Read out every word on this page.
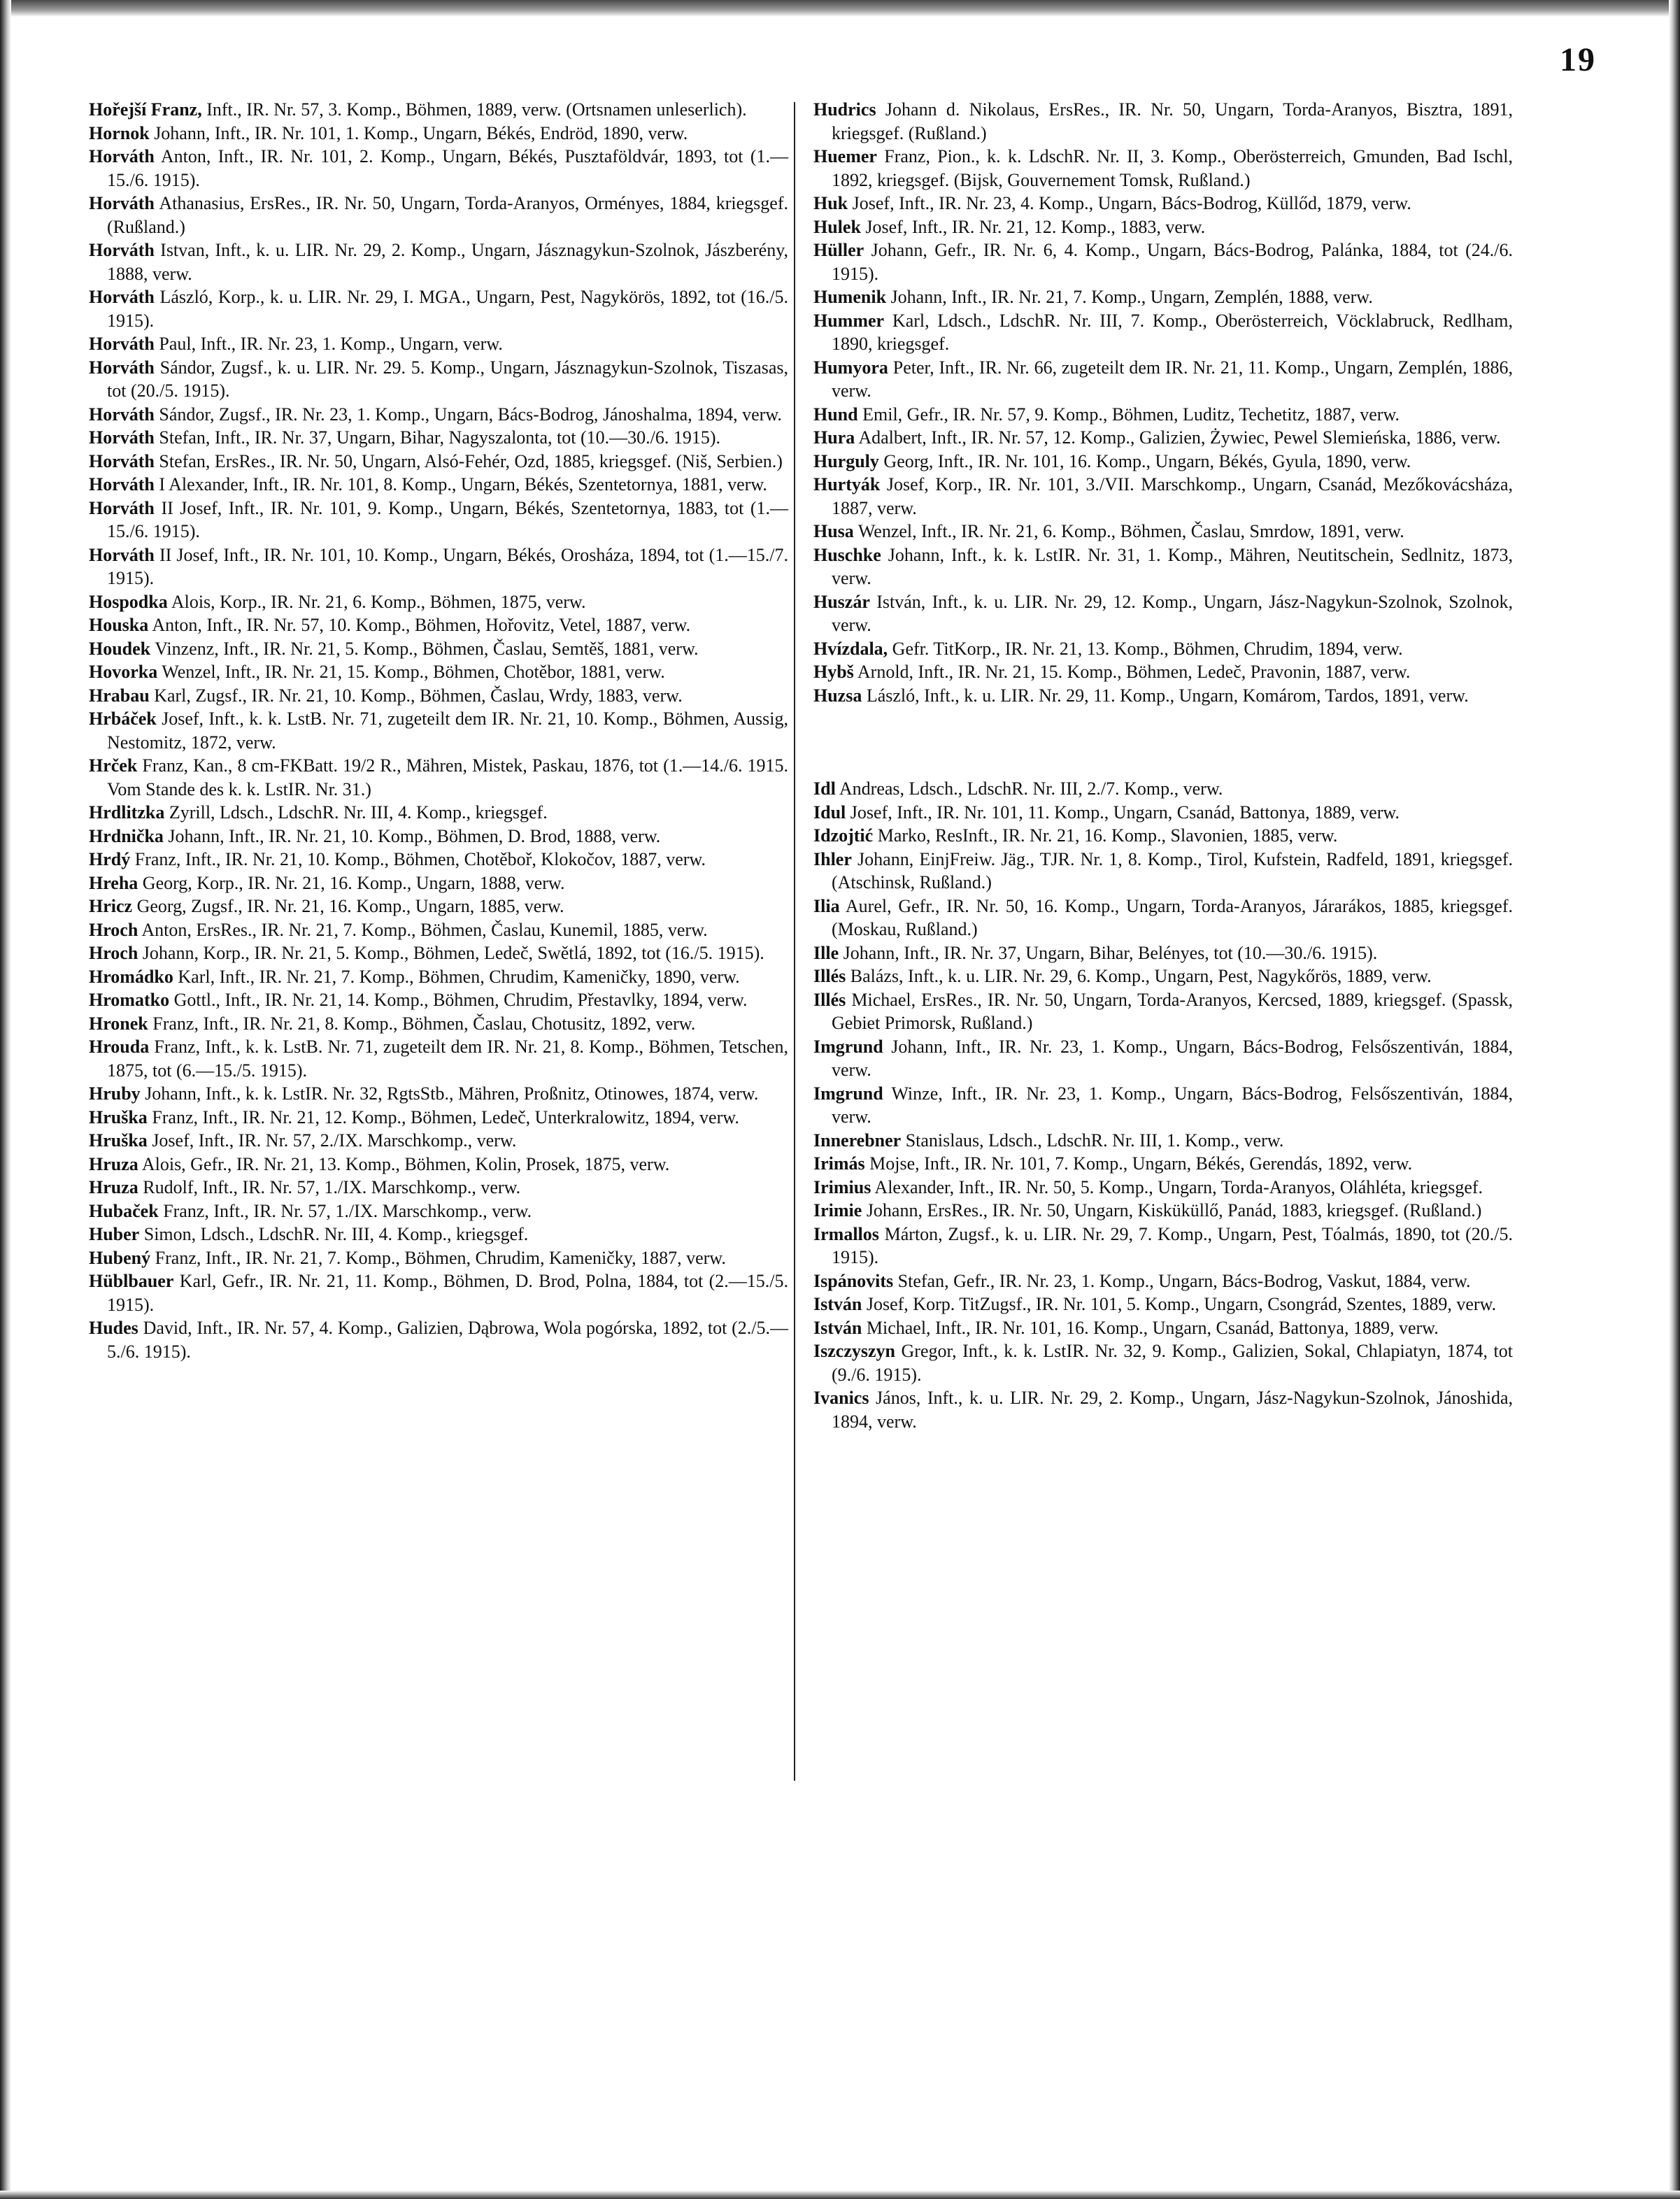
19
Hořejší Franz, Inft., IR. Nr. 57, 3. Komp., Böhmen, 1889, verw. (Ortsnamen unleserlich).
Hornok Johann, Inft., IR. Nr. 101, 1. Komp., Ungarn, Békés, Endröd, 1890, verw.
Horváth Anton, Inft., IR. Nr. 101, 2. Komp., Ungarn, Békés, Pusztaföldvár, 1893, tot (1.—15./6. 1915).
Horváth Athanasius, ErsRes., IR. Nr. 50, Ungarn, Torda-Aranyos, Orményes, 1884, kriegsgef. (Rußland.)
Horváth Istvan, Inft., k. u. LIR. Nr. 29, 2. Komp., Ungarn, Jásznagykun-Szolnok, Jászberény, 1888, verw.
Horváth László, Korp., k. u. LIR. Nr. 29, I. MGA., Ungarn, Pest, Nagykörös, 1892, tot (16./5. 1915).
Horváth Paul, Inft., IR. Nr. 23, 1. Komp., Ungarn, verw.
Horváth Sándor, Zugsf., k. u. LIR. Nr. 29. 5. Komp., Ungarn, Jásznagykun-Szolnok, Tiszasas, tot (20./5. 1915).
Horváth Sándor, Zugsf., IR. Nr. 23, 1. Komp., Ungarn, Bács-Bodrog, Jánoshalma, 1894, verw.
Horváth Stefan, Inft., IR. Nr. 37, Ungarn, Bihar, Nagyszalonta, tot (10.—30./6. 1915).
Horváth Stefan, ErsRes., IR. Nr. 50, Ungarn, Alsó-Fehér, Ozd, 1885, kriegsgef. (Niš, Serbien.)
Horváth I Alexander, Inft., IR. Nr. 101, 8. Komp., Ungarn, Békés, Szentetornya, 1881, verw.
Horváth II Josef, Inft., IR. Nr. 101, 9. Komp., Ungarn, Békés, Szentetornya, 1883, tot (1.—15./6. 1915).
Horváth II Josef, Inft., IR. Nr. 101, 10. Komp., Ungarn, Békés, Orosháza, 1894, tot (1.—15./7. 1915).
Hospodka Alois, Korp., IR. Nr. 21, 6. Komp., Böhmen, 1875, verw.
Houska Anton, Inft., IR. Nr. 57, 10. Komp., Böhmen, Hořovitz, Vetel, 1887, verw.
Houdek Vinzenz, Inft., IR. Nr. 21, 5. Komp., Böhmen, Časlau, Semtěš, 1881, verw.
Hovorka Wenzel, Inft., IR. Nr. 21, 15. Komp., Böhmen, Chotěbor, 1881, verw.
Hrabau Karl, Zugsf., IR. Nr. 21, 10. Komp., Böhmen, Časlau, Wrdy, 1883, verw.
Hrbáček Josef, Inft., k. k. LstB. Nr. 71, zugeteilt dem IR. Nr. 21, 10. Komp., Böhmen, Aussig, Nestomitz, 1872, verw.
Hrček Franz, Kan., 8 cm-FKBatt. 19/2 R., Mähren, Mistek, Paskau, 1876, tot (1.—14./6. 1915. Vom Stande des k. k. LstIR. Nr. 31.)
Hrdlitzka Zyrill, Ldsch., LdschR. Nr. III, 4. Komp., kriegsgef.
Hrdnička Johann, Inft., IR. Nr. 21, 10. Komp., Böhmen, D. Brod, 1888, verw.
Hrdý Franz, Inft., IR. Nr. 21, 10. Komp., Böhmen, Chotěboř, Klokočov, 1887, verw.
Hreha Georg, Korp., IR. Nr. 21, 16. Komp., Ungarn, 1888, verw.
Hricz Georg, Zugsf., IR. Nr. 21, 16. Komp., Ungarn, 1885, verw.
Hroch Anton, ErsRes., IR. Nr. 21, 7. Komp., Böhmen, Časlau, Kunemil, 1885, verw.
Hroch Johann, Korp., IR. Nr. 21, 5. Komp., Böhmen, Ledeč, Swětlá, 1892, tot (16./5. 1915).
Hromádko Karl, Inft., IR. Nr. 21, 7. Komp., Böhmen, Chrudim, Kameničky, 1890, verw.
Hromatko Gottl., Inft., IR. Nr. 21, 14. Komp., Böhmen, Chrudim, Přestavlky, 1894, verw.
Hronek Franz, Inft., IR. Nr. 21, 8. Komp., Böhmen, Časlau, Chotusitz, 1892, verw.
Hrouda Franz, Inft., k. k. LstB. Nr. 71, zugeteilt dem IR. Nr. 21, 8. Komp., Böhmen, Tetschen, 1875, tot (6.—15./5. 1915).
Hruby Johann, Inft., k. k. LstIR. Nr. 32, RgtsStb., Mähren, Proßnitz, Otinowes, 1874, verw.
Hruška Franz, Inft., IR. Nr. 21, 12. Komp., Böhmen, Ledeč, Unterkralowitz, 1894, verw.
Hruška Josef, Inft., IR. Nr. 57, 2./IX. Marschkomp., verw.
Hruza Alois, Gefr., IR. Nr. 21, 13. Komp., Böhmen, Kolin, Prosek, 1875, verw.
Hruza Rudolf, Inft., IR. Nr. 57, 1./IX. Marschkomp., verw.
Hubaček Franz, Inft., IR. Nr. 57, 1./IX. Marschkomp., verw.
Huber Simon, Ldsch., LdschR. Nr. III, 4. Komp., kriegsgef.
Hubený Franz, Inft., IR. Nr. 21, 7. Komp., Böhmen, Chrudim, Kameničky, 1887, verw.
Hüblbauer Karl, Gefr., IR. Nr. 21, 11. Komp., Böhmen, D. Brod, Polna, 1884, tot (2.—15./5. 1915).
Hudes David, Inft., IR. Nr. 57, 4. Komp., Galizien, Dąbrowa, Wola pogórska, 1892, tot (2./5.—5./6. 1915).
Hudrics Johann d. Nikolaus, ErsRes., IR. Nr. 50, Ungarn, Torda-Aranyos, Bisztra, 1891, kriegsgef. (Rußland.)
Huemer Franz, Pion., k. k. LdschR. Nr. II, 3. Komp., Oberösterreich, Gmunden, Bad Ischl, 1892, kriegsgef. (Bijsk, Gouvernement Tomsk, Rußland.)
Huk Josef, Inft., IR. Nr. 23, 4. Komp., Ungarn, Bács-Bodrog, Küllőd, 1879, verw.
Hulek Josef, Inft., IR. Nr. 21, 12. Komp., 1883, verw.
Hüller Johann, Gefr., IR. Nr. 6, 4. Komp., Ungarn, Bács-Bodrog, Palánka, 1884, tot (24./6. 1915).
Humenik Johann, Inft., IR. Nr. 21, 7. Komp., Ungarn, Zemplén, 1888, verw.
Hummer Karl, Ldsch., LdschR. Nr. III, 7. Komp., Oberösterreich, Vöcklabruck, Redlham, 1890, kriegsgef.
Humyora Peter, Inft., IR. Nr. 66, zugeteilt dem IR. Nr. 21, 11. Komp., Ungarn, Zemplén, 1886, verw.
Hund Emil, Gefr., IR. Nr. 57, 9. Komp., Böhmen, Luditz, Techetitz, 1887, verw.
Hura Adalbert, Inft., IR. Nr. 57, 12. Komp., Galizien, Żywiec, Pewel Slemieńska, 1886, verw.
Hurguly Georg, Inft., IR. Nr. 101, 16. Komp., Ungarn, Békés, Gyula, 1890, verw.
Hurtyák Josef, Korp., IR. Nr. 101, 3./VII. Marschkomp., Ungarn, Csanád, Mezőkovácsháza, 1887, verw.
Husa Wenzel, Inft., IR. Nr. 21, 6. Komp., Böhmen, Časlau, Smrdow, 1891, verw.
Huschke Johann, Inft., k. k. LstIR. Nr. 31, 1. Komp., Mähren, Neutitschein, Sedlnitz, 1873, verw.
Huszár István, Inft., k. u. LIR. Nr. 29, 12. Komp., Ungarn, Jász-Nagykun-Szolnok, Szolnok, verw.
Hvízdala, Gefr. TitKorp., IR. Nr. 21, 13. Komp., Böhmen, Chrudim, 1894, verw.
Hybš Arnold, Inft., IR. Nr. 21, 15. Komp., Böhmen, Ledeč, Pravonin, 1887, verw.
Huzsa László, Inft., k. u. LIR. Nr. 29, 11. Komp., Ungarn, Komárom, Tardos, 1891, verw.
Idl Andreas, Ldsch., LdschR. Nr. III, 2./7. Komp., verw.
Idul Josef, Inft., IR. Nr. 101, 11. Komp., Ungarn, Csanád, Battonya, 1889, verw.
Idzojtić Marko, ResInft., IR. Nr. 21, 16. Komp., Slavonien, 1885, verw.
Ihler Johann, EinjFreiw. Jäg., TJR. Nr. 1, 8. Komp., Tirol, Kufstein, Radfeld, 1891, kriegsgef. (Atschinsk, Rußland.)
Ilia Aurel, Gefr., IR. Nr. 50, 16. Komp., Ungarn, Torda-Aranyos, Járarákos, 1885, kriegsgef. (Moskau, Rußland.)
Ille Johann, Inft., IR. Nr. 37, Ungarn, Bihar, Belényes, tot (10.—30./6. 1915).
Illés Balázs, Inft., k. u. LIR. Nr. 29, 6. Komp., Ungarn, Pest, Nagykőrös, 1889, verw.
Illés Michael, ErsRes., IR. Nr. 50, Ungarn, Torda-Aranyos, Kercsed, 1889, kriegsgef. (Spassk, Gebiet Primorsk, Rußland.)
Imgrund Johann, Inft., IR. Nr. 23, 1. Komp., Ungarn, Bács-Bodrog, Felsőszentiván, 1884, verw.
Imgrund Winze, Inft., IR. Nr. 23, 1. Komp., Ungarn, Bács-Bodrog, Felsőszentiván, 1884, verw.
Innerebner Stanislaus, Ldsch., LdschR. Nr. III, 1. Komp., verw.
Irimás Mojse, Inft., IR. Nr. 101, 7. Komp., Ungarn, Békés, Gerendás, 1892, verw.
Irimius Alexander, Inft., IR. Nr. 50, 5. Komp., Ungarn, Torda-Aranyos, Oláhléta, kriegsgef.
Irimie Johann, ErsRes., IR. Nr. 50, Ungarn, Kisküküllő, Panád, 1883, kriegsgef. (Rußland.)
Irmallos Márton, Zugsf., k. u. LIR. Nr. 29, 7. Komp., Ungarn, Pest, Tóalmás, 1890, tot (20./5. 1915).
Ispánovits Stefan, Gefr., IR. Nr. 23, 1. Komp., Ungarn, Bács-Bodrog, Vaskut, 1884, verw.
István Josef, Korp. TitZugsf., IR. Nr. 101, 5. Komp., Ungarn, Csongrád, Szentes, 1889, verw.
István Michael, Inft., IR. Nr. 101, 16. Komp., Ungarn, Csanád, Battonya, 1889, verw.
Iszczyszyn Gregor, Inft., k. k. LstIR. Nr. 32, 9. Komp., Galizien, Sokal, Chlapiatyn, 1874, tot (9./6. 1915).
Ivanics János, Inft., k. u. LIR. Nr. 29, 2. Komp., Ungarn, Jász-Nagykun-Szolnok, Jánoshida, 1894, verw.
